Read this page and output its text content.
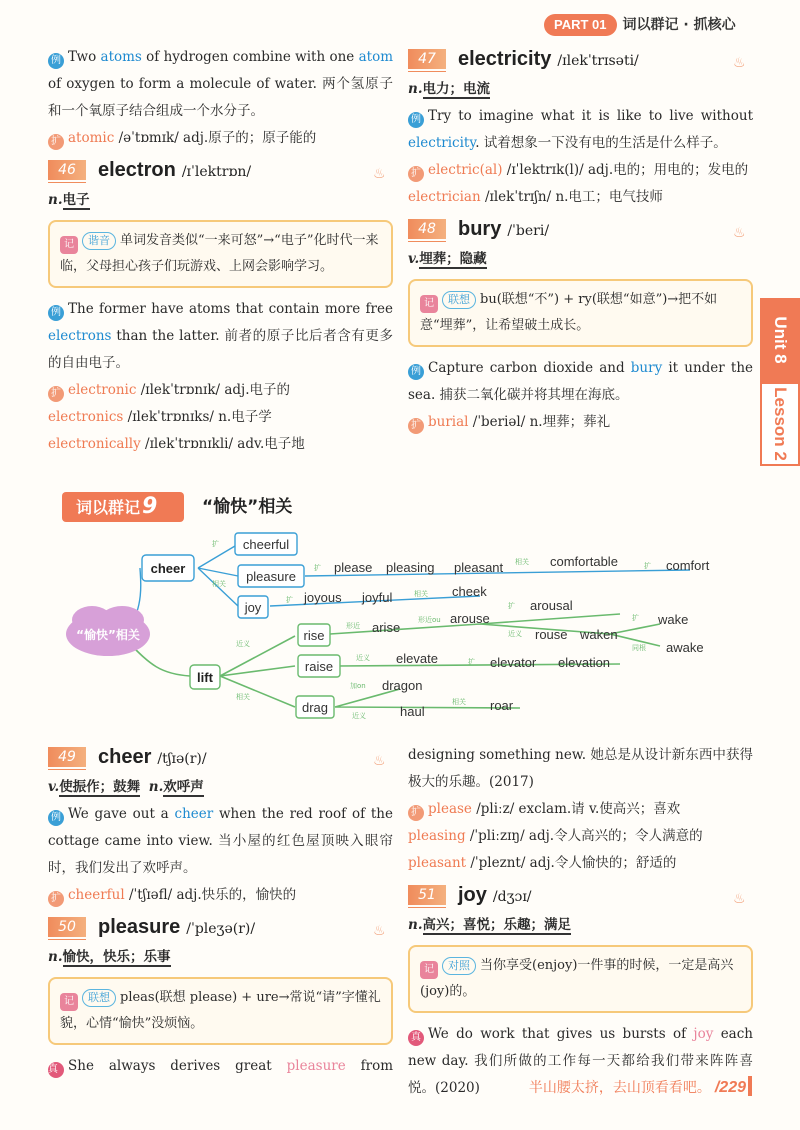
PART 01 词以群记 · 抓核心
Unit 8
Lesson 2

例 Two atoms of hydrogen combine with one atom of oxygen to form a molecule of water. 两个氢原子和一个氧原子结合组成一个水分子。

扩 atomic /əˈtɒmɪk/ adj.原子的；原子能的

46	electron /ɪˈlektrɒn/	♨

n.电子

记 谐音 单词发音类似“一来可怒”→“电子”化时代一来临，父母担心孩子们玩游戏、上网会影响学习。

例 The former have atoms that contain more free electrons than the latter. 前者的原子比后者含有更多的自由电子。

扩 electronic /ɪlekˈtrɒnɪk/ adj.电子的

electronics /ɪlekˈtrɒnɪks/ n.电子学

electronically /ɪlekˈtrɒnɪkli/ adv.电子地

47	electricity /ɪlekˈtrɪsəti/	♨

n.电力；电流

例 Try to imagine what it is like to live without electricity. 试着想象一下没有电的生活是什么样子。

扩 electric(al) /ɪˈlektrɪk(l)/ adj.电的；用电的；发电的

electrician /ɪlekˈtrɪʃn/ n.电工；电气技师

48	bury /ˈberi/	♨

v.埋葬；隐藏

记 联想 bu(联想“不”) + ry(联想“如意”)→把不如意“埋葬”，让希望破土成长。

例 Capture carbon dioxide and bury it under the sea. 捕获二氧化碳并将其埋在海底。

扩 burial /ˈberiəl/ n.埋葬；葬礼

词以群记9	“愉快”相关
“愉快”相关
cheer
cheerful
pleasure
joy
please pleasing pleasant	comfortable	comfort
joyous joyful	cheek
lift
rise
arise
arouse
arousal
rouse waken
wake
awake
raise
elevate	elevator elevation
drag
dragon
haul	roar
扩
相关
扩
相关	扩
扩
相关
近义
相关
形近
形近ou
扩
近义
扩
同根
近义	扩
加on
近义
相关
49	cheer /tʃɪə(r)/	♨

v.使振作；鼓舞 n.欢呼声

例 We gave out a cheer when the red roof of the cottage came into view. 当小屋的红色屋顶映入眼帘时，我们发出了欢呼声。

扩 cheerful /ˈtʃɪəfl/ adj.快乐的，愉快的

50	pleasure /ˈpleʒə(r)/	♨

n.愉快，快乐；乐事

记 联想 pleas(联想 please) + ure→常说“请”字懂礼貌，心情“愉快”没烦恼。

真 She always derives great pleasure from

designing something new. 她总是从设计新东西中获得极大的乐趣。(2017)

扩 please /pliːz/ exclam.请 v.使高兴；喜欢

pleasing /ˈpliːzɪŋ/ adj.令人高兴的；令人满意的

pleasant /ˈpleznt/ adj.令人愉快的；舒适的

51	joy /dʒɔɪ/	♨

n.高兴；喜悦；乐趣；满足

记 对照 当你享受(enjoy)一件事的时候，一定是高兴(joy)的。

真 We do work that gives us bursts of joy each new day. 我们所做的工作每一天都给我们带来阵阵喜悦。(2020)	半山腰太挤，去山顶看看吧。 /229
